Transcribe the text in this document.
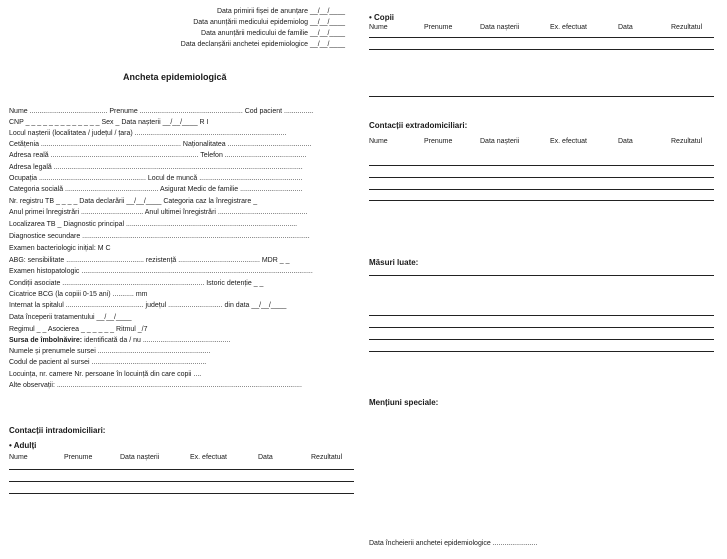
Data primirii fișei de anunțare __/__/____
Data anunțării medicului epidemiolog __/__/____
Data anunțării medicului de familie __/__/____
Data declanșării anchetei epidemiologice __/__/____
Ancheta epidemiologică
Nume ........................................ Prenume ..................................................... Cod pacient ...............
CNP _ _ _ _ _ _ _ _ _ _ _ _ _ Sex _ Data nașterii __/__/____ R I
Locul nașterii (localitatea / județul / țara) ..............................................................................
Cetățenia ........................................................................ Naționalitatea ...........................................
Adresa reală ............................................................................ Telefon ..........................................
Adresa legală ................................................................................................................................
Ocupația ....................................................... Locul de muncă .....................................................
Categoria socială ................................................ Asigurat Medic de familie ................................
Nr. registru TB _ _ _ _ Data declarării __/__/____ Categoria caz la înregistrare _
Anul primei înregistrări ................................ Anul ultimei înregistrări ..............................................
Localizarea TB _ Diagnostic principal ........................................................................................
Diagnostice secundare .....................................................................................................................
Examen bacteriologic inițial: M C
ABG: sensibilitate ........................................ rezistență .......................................... MDR _ _
Examen histopatologic .......................................................................................................................
Condiții asociate ......................................................................... Istoric detenție _ _
Cicatrice BCG (la copiii 0-15 ani) ........... mm
Internat la spitalul ........................................ județul ............................ din data __/__/____
Data începerii tratamentului __/__/____
Regimul _ _ Asocierea _ _ _ _ _ _ Ritmul _/7
Sursa de îmbolnăvire: identificată da / nu .............................................
Numele și prenumele sursei ..........................................................
Codul de pacient al sursei ...........................................................
Locuința, nr. camere Nr. persoane în locuință din care copii ....
Alte observații: ..............................................................................................................................
Contacții intradomiciliari:
• Adulți
Nume	Prenume	Data nașterii	Ex. efectuat	Data	Rezultatul
• Copii
Nume	Prenume	Data nașterii	Ex. efectuat	Data	Rezultatul
Contacții extradomiciliari:
Nume	Prenume	Data nașterii	Ex. efectuat	Data	Rezultatul
Măsuri luate:
Mențiuni speciale:
Data încheierii anchetei epidemiologice .......................
